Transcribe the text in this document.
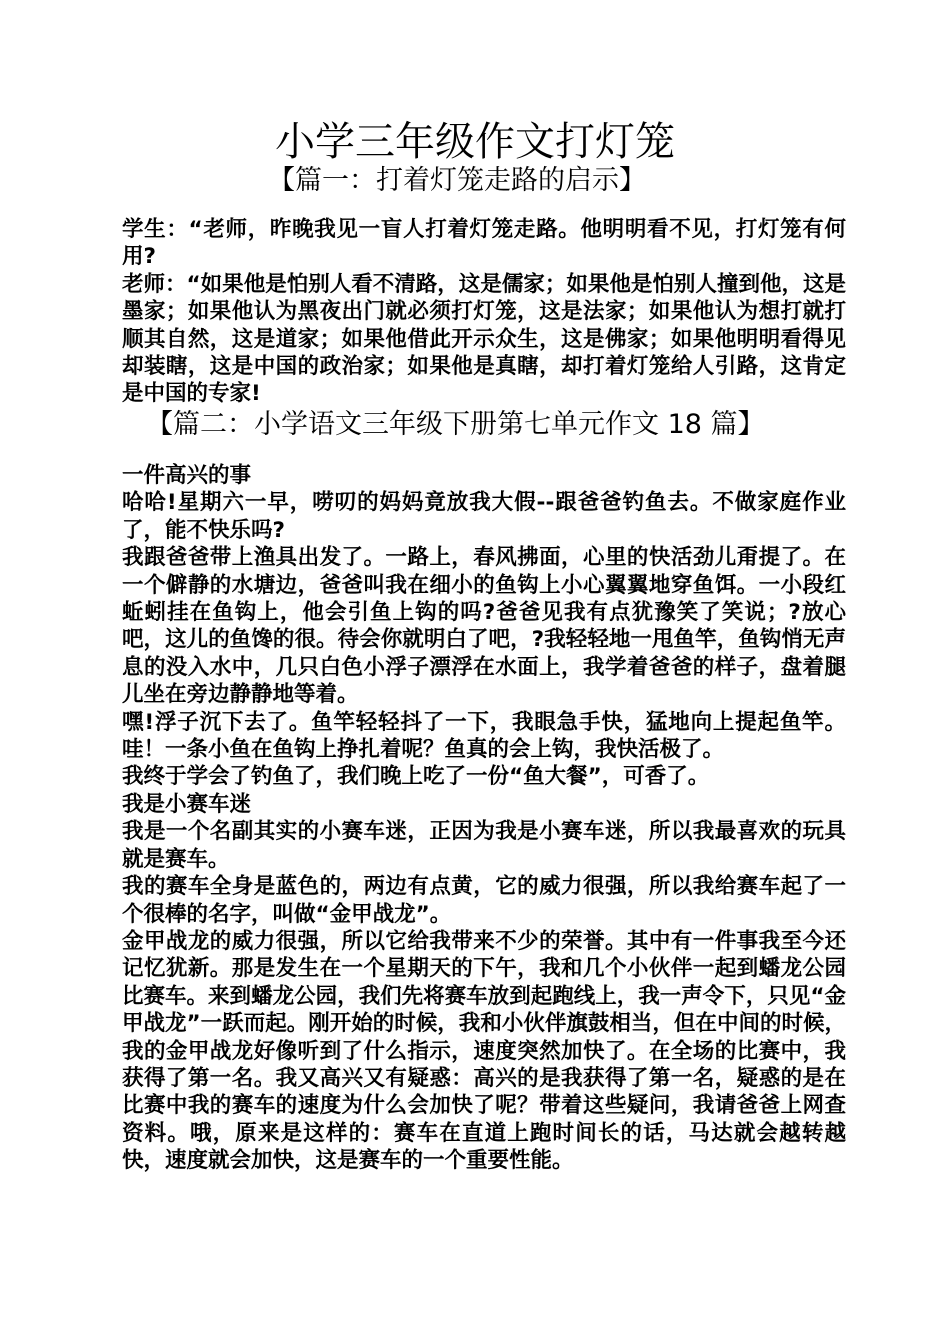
小学三年级作文打灯笼
【篇一：打着灯笼走路的启示】

学生：“老师，昨晚我见一盲人打着灯笼走路。他明明看不见，打灯笼有何用?

老师：“如果他是怕别人看不清路，这是儒家；如果他是怕别人撞到他，这是墨家；如果他认为黑夜出门就必须打灯笼，这是法家；如果他认为想打就打顺其自然，这是道家；如果他借此开示众生，这是佛家；如果他明明看得见却装瞎，这是中国的政治家；如果他是真瞎，却打着灯笼给人引路，这肯定是中国的专家!

【篇二：小学语文三年级下册第七单元作文 18 篇】

一件高兴的事

哈哈!星期六一早，唠叨的妈妈竟放我大假--跟爸爸钓鱼去。不做家庭作业了，能不快乐吗?

我跟爸爸带上渔具出发了。一路上，春风拂面，心里的快活劲儿甭提了。在一个僻静的水塘边，爸爸叫我在细小的鱼钩上小心翼翼地穿鱼饵。一小段红蚯蚓挂在鱼钩上，他会引鱼上钩的吗?爸爸见我有点犹豫笑了笑说；?放心吧，这儿的鱼馋的很。待会你就明白了吧，?我轻轻地一甩鱼竿，鱼钩悄无声息的没入水中，几只白色小浮子漂浮在水面上，我学着爸爸的样子，盘着腿儿坐在旁边静静地等着。

嘿!浮子沉下去了。鱼竿轻轻抖了一下，我眼急手快，猛地向上提起鱼竿。哇！一条小鱼在鱼钩上挣扎着呢？鱼真的会上钩，我快活极了。

我终于学会了钓鱼了，我们晚上吃了一份“鱼大餐”，可香了。

我是小赛车迷

我是一个名副其实的小赛车迷，正因为我是小赛车迷，所以我最喜欢的玩具就是赛车。

我的赛车全身是蓝色的，两边有点黄，它的威力很强，所以我给赛车起了一个很棒的名字，叫做“金甲战龙”。

金甲战龙的威力很强，所以它给我带来不少的荣誉。其中有一件事我至今还记忆犹新。那是发生在一个星期天的下午，我和几个小伙伴一起到蟠龙公园比赛车。来到蟠龙公园，我们先将赛车放到起跑线上，我一声令下，只见“金甲战龙”一跃而起。刚开始的时候，我和小伙伴旗鼓相当，但在中间的时候，我的金甲战龙好像听到了什么指示，速度突然加快了。在全场的比赛中，我获得了第一名。我又高兴又有疑惑：高兴的是我获得了第一名，疑惑的是在比赛中我的赛车的速度为什么会加快了呢？带着这些疑问，我请爸爸上网查资料。哦，原来是这样的：赛车在直道上跑时间长的话，马达就会越转越快，速度就会加快，这是赛车的一个重要性能。
